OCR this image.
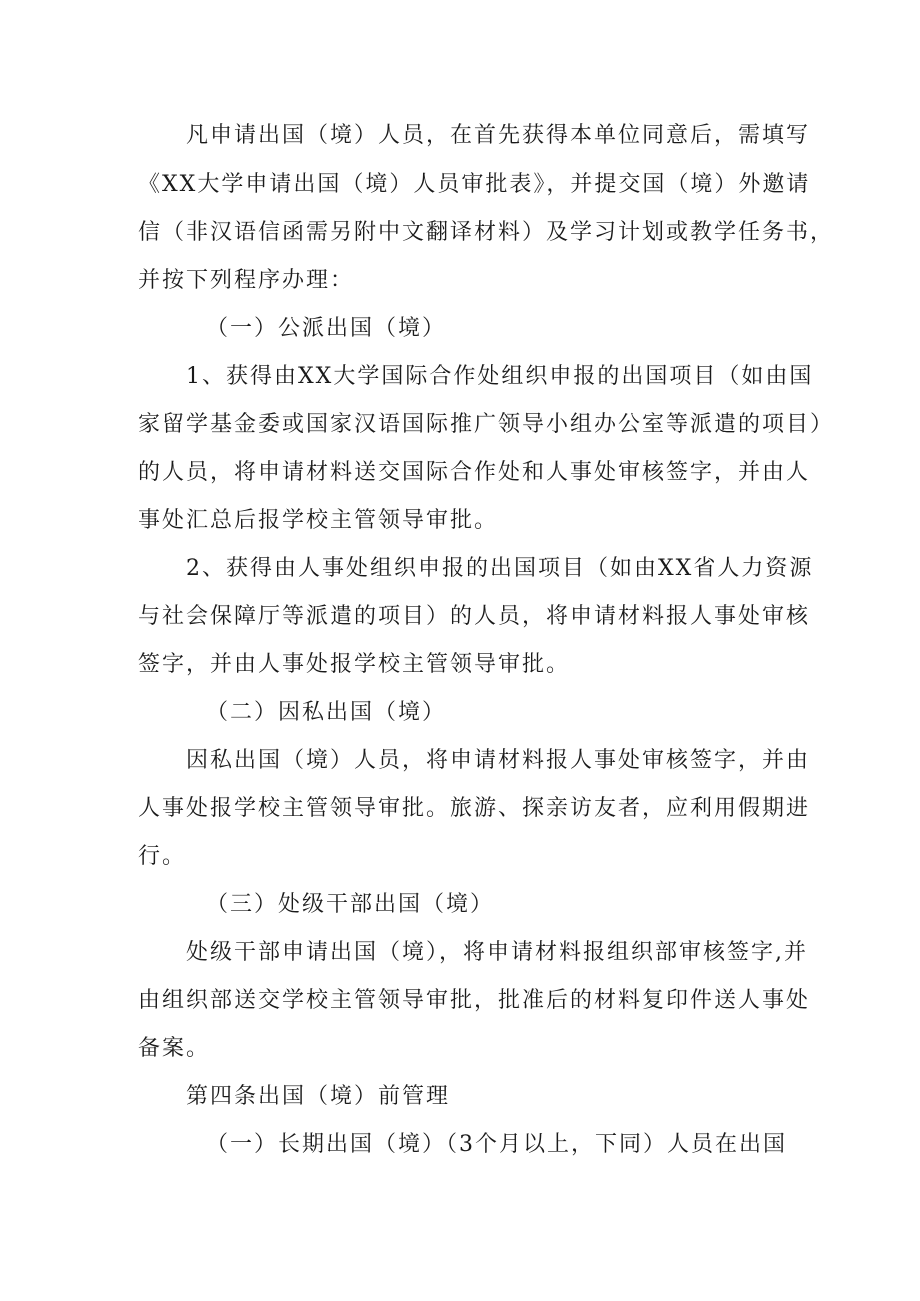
凡申请出国（境）人员，在首先获得本单位同意后，需填写
《XX大学申请出国（境）人员审批表》，并提交国（境）外邀请
信（非汉语信函需另附中文翻译材料）及学习计划或教学任务书，
并按下列程序办理：
（一）公派出国（境）
1、获得由XX大学国际合作处组织申报的出国项目（如由国
家留学基金委或国家汉语国际推广领导小组办公室等派遣的项目）
的人员，将申请材料送交国际合作处和人事处审核签字，并由人
事处汇总后报学校主管领导审批。
2、获得由人事处组织申报的出国项目（如由XX省人力资源
与社会保障厅等派遣的项目）的人员，将申请材料报人事处审核
签字，并由人事处报学校主管领导审批。
（二）因私出国（境）
因私出国（境）人员，将申请材料报人事处审核签字，并由
人事处报学校主管领导审批。旅游、探亲访友者，应利用假期进
行。
（三）处级干部出国（境）
处级干部申请出国（境），将申请材料报组织部审核签字,并
由组织部送交学校主管领导审批，批准后的材料复印件送人事处
备案。
第四条出国（境）前管理
（一）长期出国（境）（3个月以上，下同）人员在出国
